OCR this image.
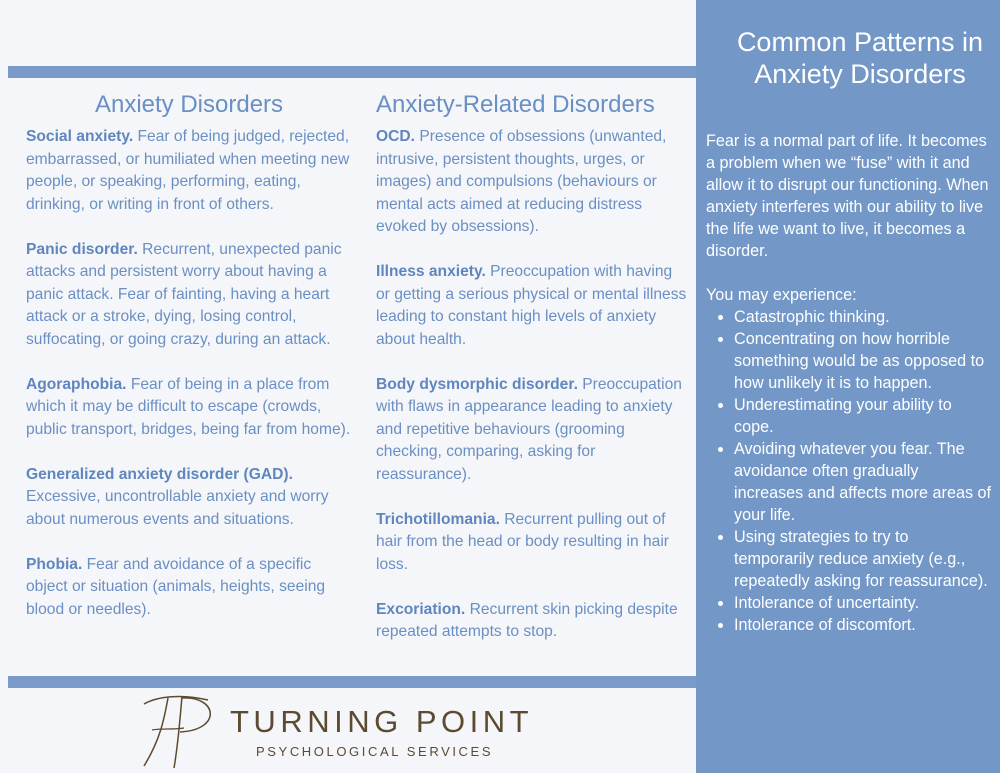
Anxiety Disorders
Social anxiety. Fear of being judged, rejected, embarrassed, or humiliated when meeting new people, or speaking, performing, eating, drinking, or writing in front of others.
Panic disorder. Recurrent, unexpected panic attacks and persistent worry about having a panic attack. Fear of fainting, having a heart attack or a stroke, dying, losing control, suffocating, or going crazy, during an attack.
Agoraphobia. Fear of being in a place from which it may be difficult to escape (crowds, public transport, bridges, being far from home).
Generalized anxiety disorder (GAD). Excessive, uncontrollable anxiety and worry about numerous events and situations.
Phobia. Fear and avoidance of a specific object or situation (animals, heights, seeing blood or needles).
Anxiety-Related Disorders
OCD. Presence of obsessions (unwanted, intrusive, persistent thoughts, urges, or images) and compulsions (behaviours or mental acts aimed at reducing distress evoked by obsessions).
Illness anxiety. Preoccupation with having or getting a serious physical or mental illness leading to constant high levels of anxiety about health.
Body dysmorphic disorder. Preoccupation with flaws in appearance leading to anxiety and repetitive behaviours (grooming checking, comparing, asking for reassurance).
Trichotillomania. Recurrent pulling out of hair from the head or body resulting in hair loss.
Excoriation. Recurrent skin picking despite repeated attempts to stop.
Common Patterns in Anxiety Disorders

Fear is a normal part of life. It becomes a problem when we “fuse” with it and allow it to disrupt our functioning. When anxiety interferes with our ability to live the life we want to live, it becomes a disorder.

You may experience:
• Catastrophic thinking.
• Concentrating on how horrible something would be as opposed to how unlikely it is to happen.
• Underestimating your ability to cope.
• Avoiding whatever you fear. The avoidance often gradually increases and affects more areas of your life.
• Using strategies to try to temporarily reduce anxiety (e.g., repeatedly asking for reassurance).
• Intolerance of uncertainty.
• Intolerance of discomfort.
TURNING POINT
PSYCHOLOGICAL SERVICES
